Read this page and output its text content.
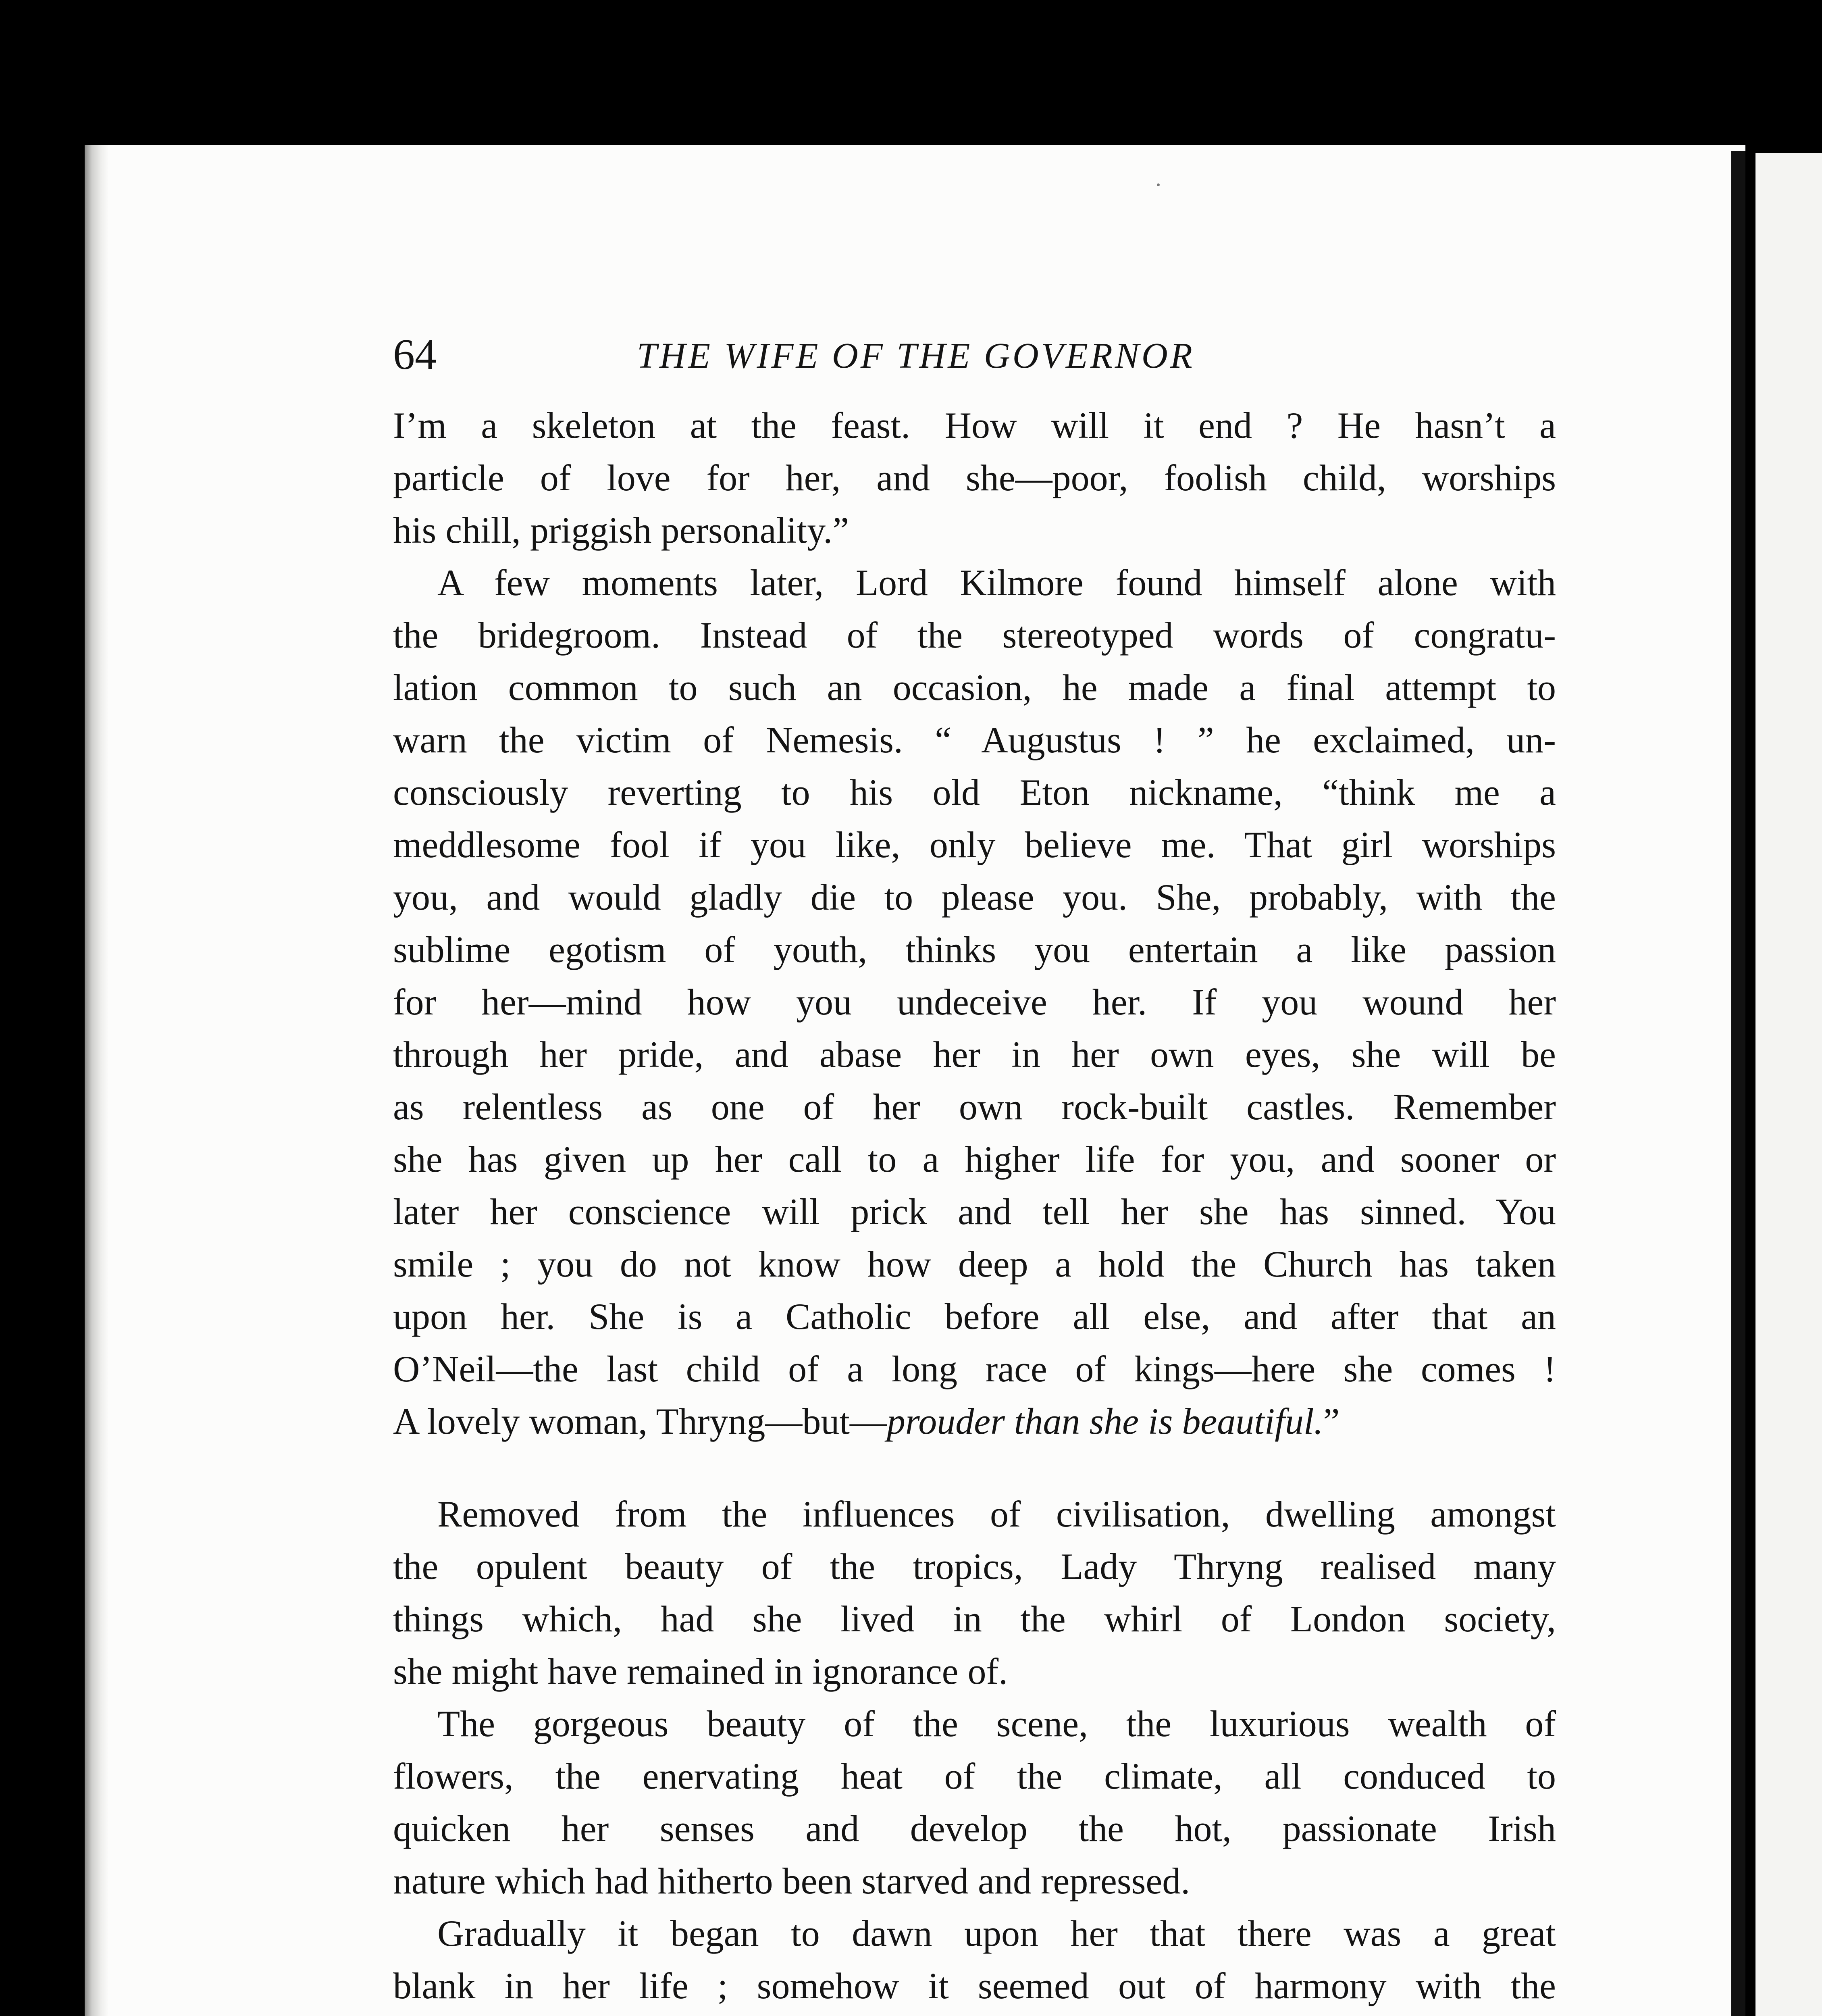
64	THE WIFE OF THE GOVERNOR
I’m a skeleton at the feast. How will it end ? He hasn’t a
particle of love for her, and she—poor, foolish child, worships
his chill, priggish personality.”
A few moments later, Lord Kilmore found himself alone with
the bridegroom. Instead of the stereotyped words of congratu-
lation common to such an occasion, he made a final attempt to
warn the victim of Nemesis. “ Augustus ! ” he exclaimed, un-
consciously reverting to his old Eton nickname, “think me a
meddlesome fool if you like, only believe me. That girl worships
you, and would gladly die to please you. She, probably, with the
sublime egotism of youth, thinks you entertain a like passion
for her—mind how you undeceive her. If you wound her
through her pride, and abase her in her own eyes, she will be
as relentless as one of her own rock-built castles. Remember
she has given up her call to a higher life for you, and sooner or
later her conscience will prick and tell her she has sinned. You
smile ; you do not know how deep a hold the Church has taken
upon her. She is a Catholic before all else, and after that an
O’Neil—the last child of a long race of kings—here she comes !
A lovely woman, Thryng—but—prouder than she is beautiful.”
Removed from the influences of civilisation, dwelling amongst
the opulent beauty of the tropics, Lady Thryng realised many
things which, had she lived in the whirl of London society,
she might have remained in ignorance of.
The gorgeous beauty of the scene, the luxurious wealth of
flowers, the enervating heat of the climate, all conduced to
quicken her senses and develop the hot, passionate Irish
nature which had hitherto been starved and repressed.
Gradually it began to dawn upon her that there was a great
blank in her life ; somehow it seemed out of harmony with the
